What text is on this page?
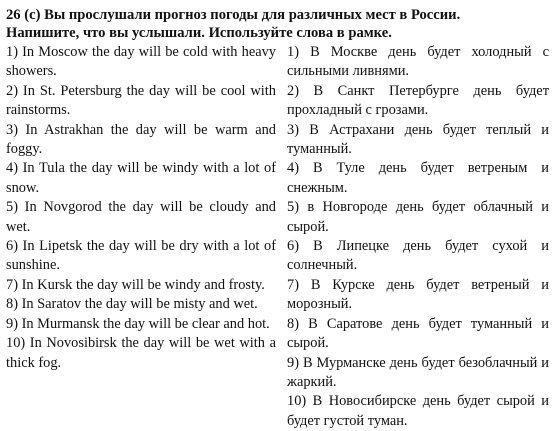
26 (с) Вы прослушали прогноз погоды для различных мест в России.
Напишите, что вы услышали. Используйте слова в рамке.

1) In Moscow the day will be cold with heavy showers.

2) In St. Petersburg the day will be cool with rainstorms.

3) In Astrakhan the day will be warm and foggy.

4) In Tula the day will be windy with a lot of snow.

5) In Novgorod the day will be cloudy and wet.

6) In Lipetsk the day will be dry with a lot of sunshine.

7) In Kursk the day will be windy and frosty.

8) In Saratov the day will be misty and wet.

9) In Murmansk the day will be clear and hot.

10) In Novosibirsk the day will be wet with a thick fog.

1) В Москве день будет холодный с сильными ливнями.

2) В Санкт Петербурге день будет прохладный с грозами.

3) В Астрахани день будет теплый и туманный.

4) В Туле день будет ветреным и снежным.

5) в Новгороде день будет облачный и сырой.

6) В Липецке день будет сухой и солнечный.

7) В Курске день будет ветреный и морозный.

8) В Саратове день будет туманный и сырой.

9) В Мурманске день будет безоблачный и жаркий.

10) В Новосибирске день будет сырой и будет густой туман.
